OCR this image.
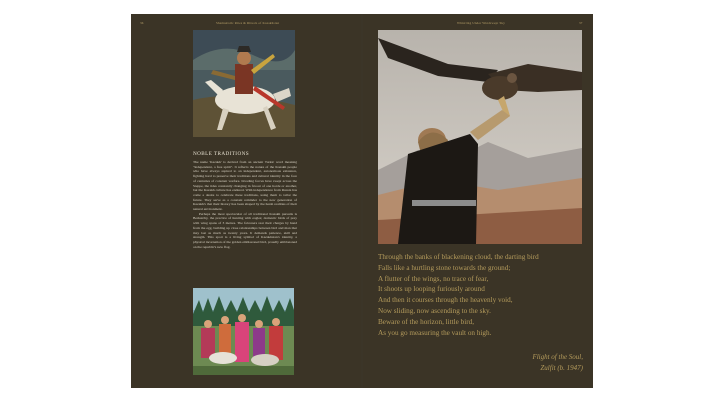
36	Shamanism: Rites & Rituals of Kazakhstan	Whistling Under Windswept Sky	37
NOBLE TRADITIONS

The name 'Kazakh' is derived from an ancient Turkic word meaning "independent, a free spirit". It reflects the nature of the Kazakh people who have always aspired to an independent, autonomous existence, fighting hard to preserve their traditions and cultural identity in the face of centuries of constant warfare. Invading forces have swept across the Steppe, the tides constantly changing in favour of one horde or another, but the Kazakh culture has endured. With independence from Russia has come a desire to celebrate these traditions, using them to tailor the future. They serve as a constant reminder to the new generation of Kazakh's that their history has been shaped by the harsh realities of their natural environment.

Perhaps the most spectacular of all traditional Kazakh pursuits is Berkutchy, the practice of hunting with eagles; domestic birds of prey with wing spans of 3 metres. The falconers rear their charges by hand from the egg, building up close relationships between bird and man that may last as much as twenty years. It demands patience, skill and strength. This sport is a living symbol of Kazakhstan's identity, a physical incarnation of the golden emblazoned bird, proudly emblazoned on the republic's new flag.

Through the banks of blackening cloud, the darting bird
Falls like a hurtling stone towards the ground;
A flutter of the wings, no trace of fear,
It shoots up looping furiously around
And then it courses through the heavenly void,
Now sliding, now ascending to the sky.
Beware of the horizon, little bird,
As you go measuring the vault on high.
Flight of the Soul,
Zulfit (b. 1947)
